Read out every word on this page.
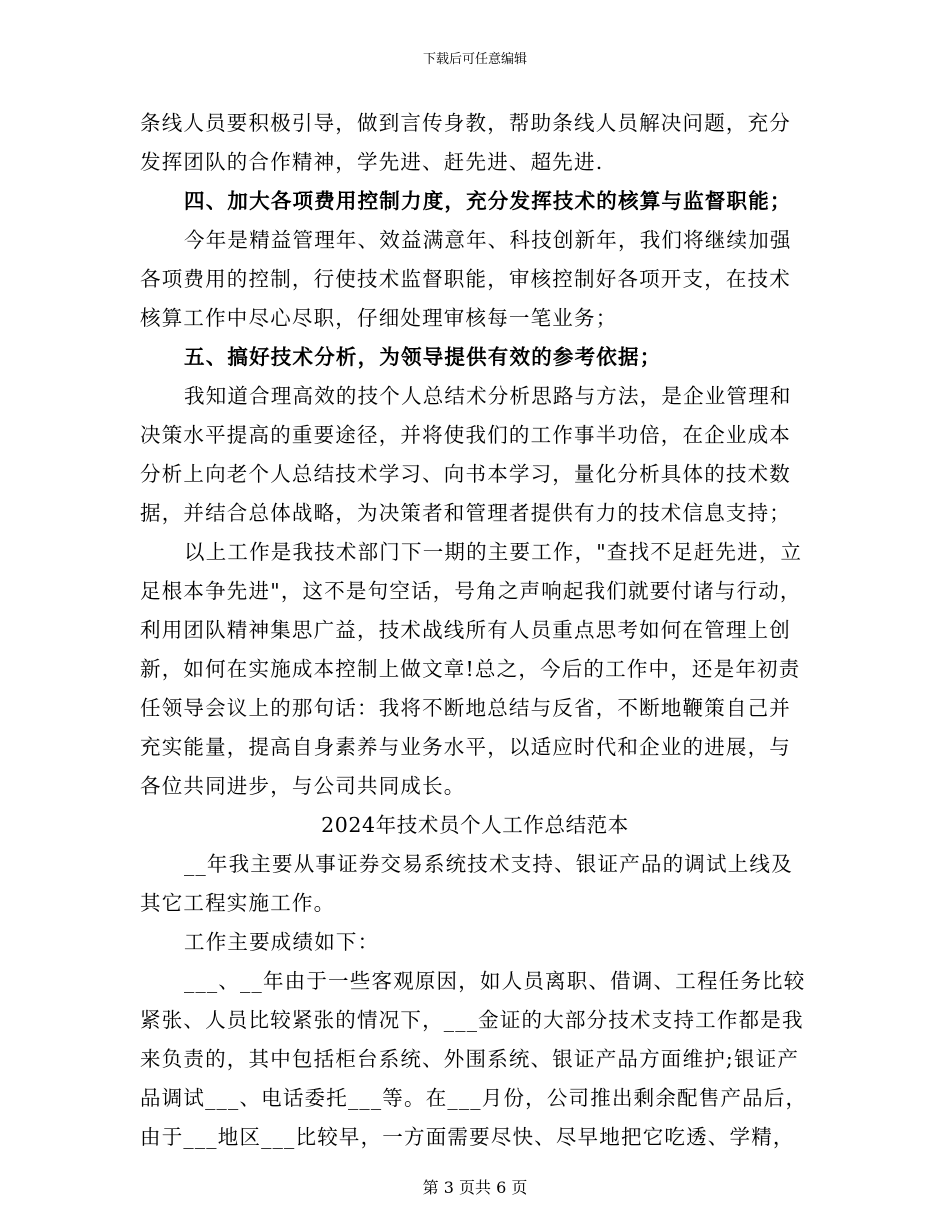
下载后可任意编辑
条线人员要积极引导，做到言传身教，帮助条线人员解决问题，充分
发挥团队的合作精神，学先进、赶先进、超先进.
四、加大各项费用控制力度，充分发挥技术的核算与监督职能；
今年是精益管理年、效益满意年、科技创新年，我们将继续加强
各项费用的控制，行使技术监督职能，审核控制好各项开支，在技术
核算工作中尽心尽职，仔细处理审核每一笔业务；
五、搞好技术分析，为领导提供有效的参考依据；
我知道合理高效的技个人总结术分析思路与方法，是企业管理和
决策水平提高的重要途径，并将使我们的工作事半功倍，在企业成本
分析上向老个人总结技术学习、向书本学习，量化分析具体的技术数
据，并结合总体战略，为决策者和管理者提供有力的技术信息支持；
以上工作是我技术部门下一期的主要工作，"查找不足赶先进，立
足根本争先进"，这不是句空话，号角之声响起我们就要付诸与行动，
利用团队精神集思广益，技术战线所有人员重点思考如何在管理上创
新，如何在实施成本控制上做文章!总之，今后的工作中，还是年初责
任领导会议上的那句话：我将不断地总结与反省，不断地鞭策自己并
充实能量，提高自身素养与业务水平，以适应时代和企业的进展，与
各位共同进步，与公司共同成长。
2024年技术员个人工作总结范本
__年我主要从事证券交易系统技术支持、银证产品的调试上线及
其它工程实施工作。
工作主要成绩如下：
___、__年由于一些客观原因，如人员离职、借调、工程任务比较
紧张、人员比较紧张的情况下，___金证的大部分技术支持工作都是我
来负责的，其中包括柜台系统、外围系统、银证产品方面维护;银证产
品调试___、电话委托___等。在___月份，公司推出剩余配售产品后，
由于___地区___比较早，一方面需要尽快、尽早地把它吃透、学精，
第 3 页共 6 页
